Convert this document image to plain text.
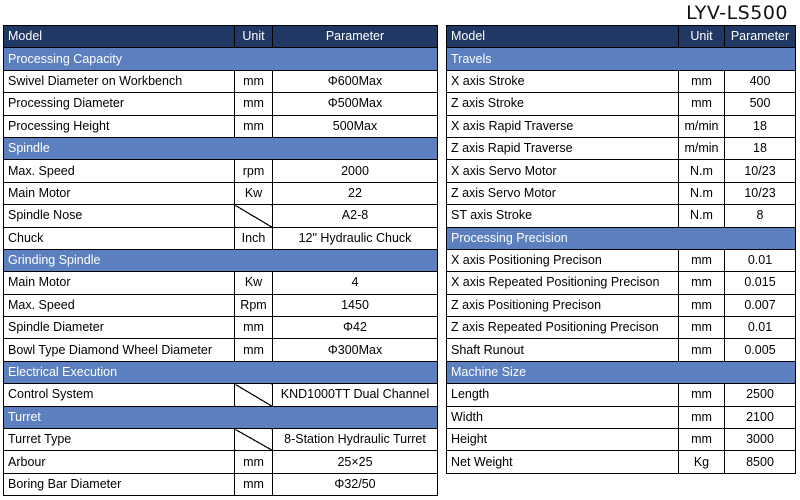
LYV-LS500
Model	Unit	Parameter
Processing Capacity		
Swivel Diameter on Workbench	mm	Φ600Max
Processing Diameter	mm	Φ500Max
Processing Height	mm	500Max
Spindle		
Max. Speed	rpm	2000
Main Motor	Kw	22
Spindle Nose		A2-8
Chuck	Inch	12" Hydraulic Chuck
Grinding Spindle		
Main Motor	Kw	4
Max. Speed	Rpm	1450
Spindle Diameter	mm	Φ42
Bowl Type Diamond Wheel Diameter	mm	Φ300Max
Electrical Execution		
Control System		KND1000TT Dual Channel
Turret		
Turret Type		8-Station Hydraulic Turret
Arbour	mm	25×25
Boring Bar Diameter	mm	Φ32/50
Model	Unit	Parameter
Travels		
X axis Stroke	mm	400
Z axis Stroke	mm	500
X axis Rapid Traverse	m/min	18
Z axis Rapid Traverse	m/min	18
X axis Servo Motor	N.m	10/23
Z axis Servo Motor	N.m	10/23
ST axis Stroke	N.m	8
Processing Precision		
X axis Positioning Precison	mm	0.01
X axis Repeated Positioning Precison	mm	0.015
Z axis Positioning Precison	mm	0.007
Z axis Repeated Positioning Precison	mm	0.01
Shaft Runout	mm	0.005
Machine Size		
Length	mm	2500
Width	mm	2100
Height	mm	3000
Net Weight	Kg	8500
